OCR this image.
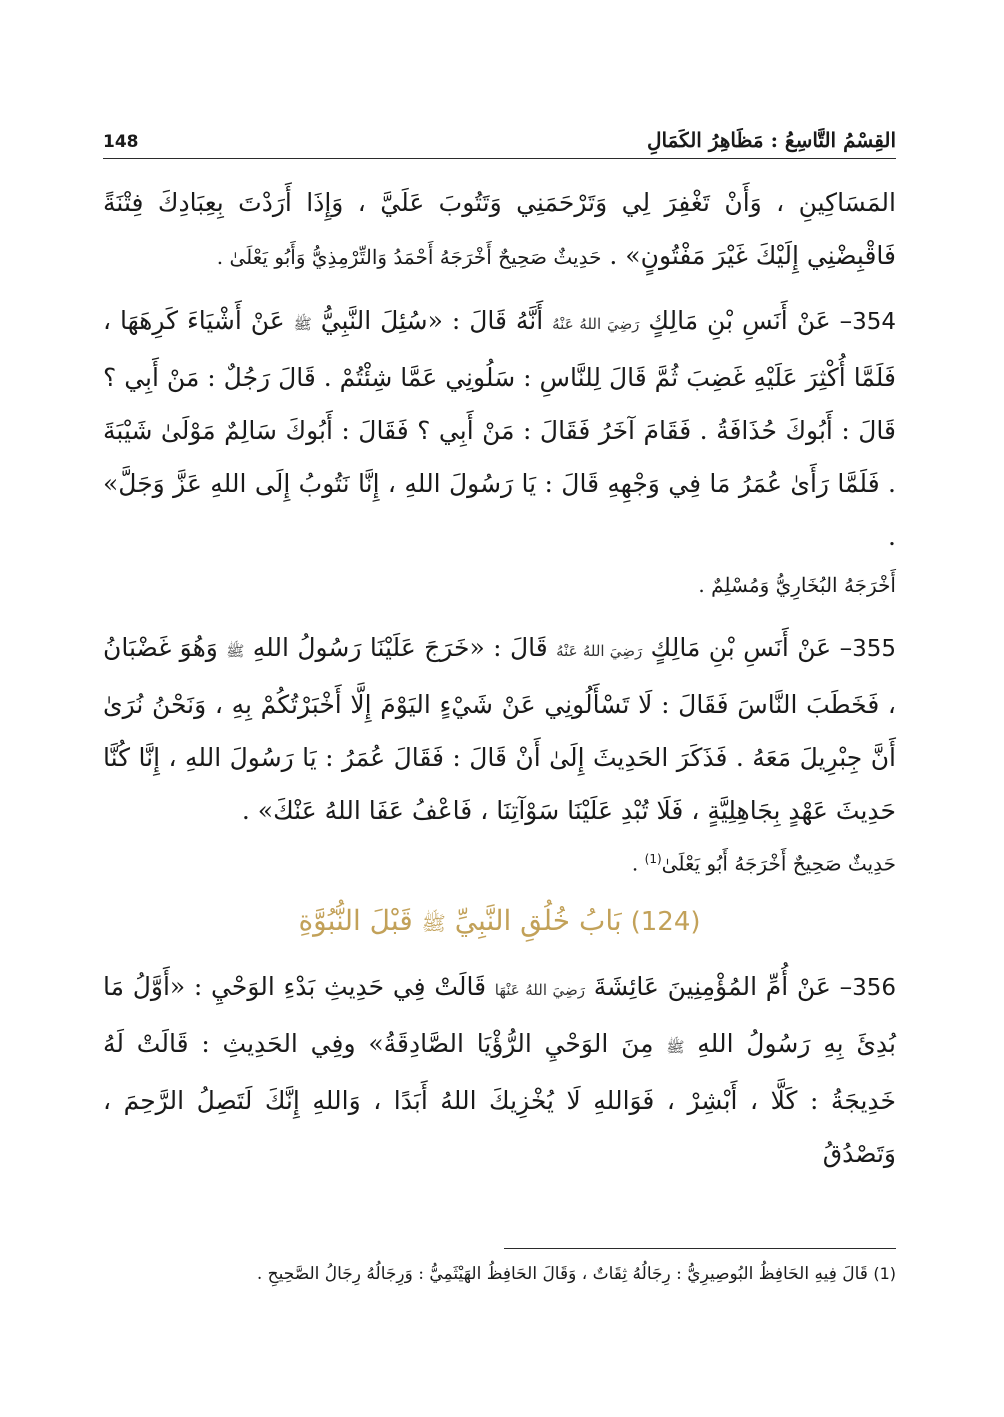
القِسْمُ التَّاسِعُ : مَظَاهِرُ الكَمَالِ
148

المَسَاكِينِ ، وَأَنْ تَغْفِرَ لِي وَتَرْحَمَنِي وَتَتُوبَ عَلَيَّ ، وَإِذَا أَرَدْتَ بِعِبَادِكَ فِتْنَةً فَاقْبِضْنِي إِلَيْكَ غَيْرَ مَفْتُونٍ» . حَدِيثٌ صَحِيحٌ أَخْرَجَهُ أَحْمَدُ وَالتِّرْمِذِيُّ وَأَبُو يَعْلَىٰ .

354– عَنْ أَنَسِ بْنِ مَالِكٍ رَضِيَ اللهُ عَنْهُ أَنَّهُ قَالَ : «سُئِلَ النَّبِيُّ ﷺ عَنْ أَشْيَاءَ كَرِهَهَا ، فَلَمَّا أُكْثِرَ عَلَيْهِ غَضِبَ ثُمَّ قَالَ لِلنَّاسِ : سَلُونِي عَمَّا شِئْتُمْ . قَالَ رَجُلٌ : مَنْ أَبِي ؟ قَالَ : أَبُوكَ حُذَافَةُ . فَقَامَ آخَرُ فَقَالَ : مَنْ أَبِي ؟ فَقَالَ : أَبُوكَ سَالِمٌ مَوْلَىٰ شَيْبَةَ . فَلَمَّا رَأَىٰ عُمَرُ مَا فِي وَجْهِهِ قَالَ : يَا رَسُولَ اللهِ ، إِنَّا نَتُوبُ إِلَى اللهِ عَزَّ وَجَلَّ» .

أَخْرَجَهُ البُخَارِيُّ وَمُسْلِمٌ .

355– عَنْ أَنَسِ بْنِ مَالِكٍ رَضِيَ اللهُ عَنْهُ قَالَ : «خَرَجَ عَلَيْنَا رَسُولُ اللهِ ﷺ وَهُوَ غَضْبَانُ ، فَخَطَبَ النَّاسَ فَقَالَ : لَا تَسْأَلُونِي عَنْ شَيْءٍ اليَوْمَ إِلَّا أَخْبَرْتُكُمْ بِهِ ، وَنَحْنُ نُرَىٰ أَنَّ جِبْرِيلَ مَعَهُ . فَذَكَرَ الحَدِيثَ إِلَىٰ أَنْ قَالَ : فَقَالَ عُمَرُ : يَا رَسُولَ اللهِ ، إِنَّا كُنَّا حَدِيثَ عَهْدٍ بِجَاهِلِيَّةٍ ، فَلَا تُبْدِ عَلَيْنَا سَوْآتِنَا ، فَاعْفُ عَفَا اللهُ عَنْكَ» .

حَدِيثٌ صَحِيحٌ أَخْرَجَهُ أَبُو يَعْلَىٰ$^{(1)}$ .

(124) بَابُ خُلُقِ النَّبِيِّ ﷺ قَبْلَ النُّبُوَّةِ

356– عَنْ أُمِّ المُؤْمِنِينَ عَائِشَةَ رَضِيَ اللهُ عَنْهَا قَالَتْ فِي حَدِيثِ بَدْءِ الوَحْيِ : «أَوَّلُ مَا بُدِئَ بِهِ رَسُولُ اللهِ ﷺ مِنَ الوَحْيِ الرُّؤْيَا الصَّادِقَةُ» وفِي الحَدِيثِ : قَالَتْ لَهُ خَدِيجَةُ : كَلَّا ، أَبْشِرْ ، فَوَاللهِ لَا يُخْزِيكَ اللهُ أَبَدًا ، وَاللهِ إِنَّكَ لَتَصِلُ الرَّحِمَ ، وَتَصْدُقُ

(1) قَالَ فِيهِ الحَافِظُ البُوصِيرِيُّ : رِجَالُهُ ثِقَاتٌ ، وَقَالَ الحَافِظُ الهَيْثَمِيُّ : وَرِجَالُهُ رِجَالُ الصَّحِيحِ .
